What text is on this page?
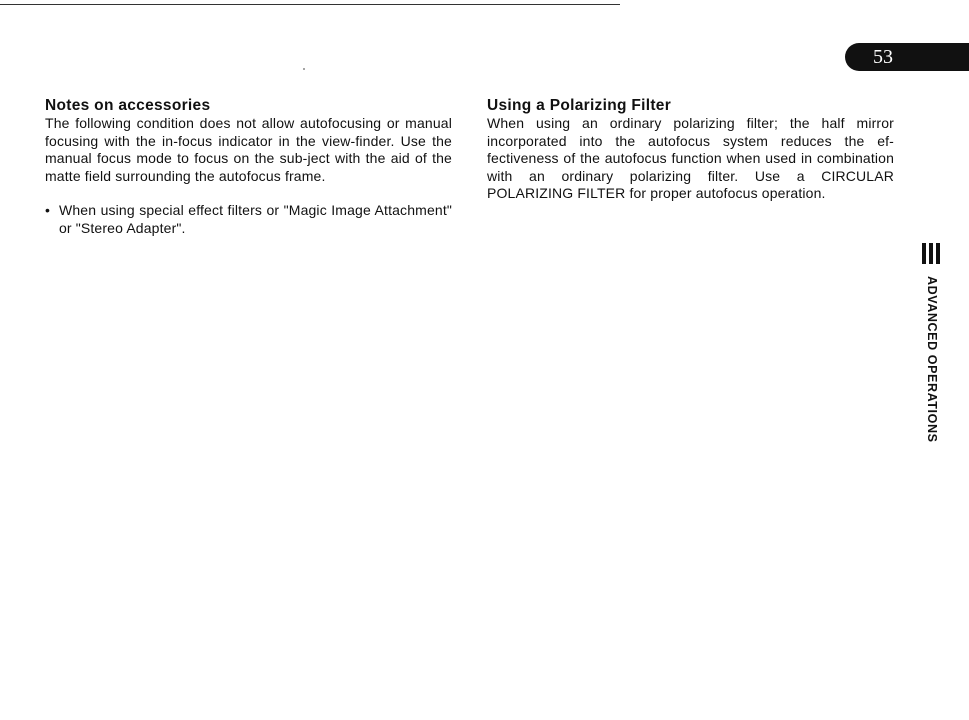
53
Notes on accessories

The following condition does not allow autofocusing or manual focusing with the in-focus indicator in the view-finder. Use the manual focus mode to focus on the sub-ject with the aid of the matte field surrounding the autofocus frame.

• When using special effect filters or "Magic Image Attachment" or "Stereo Adapter".
Using a Polarizing Filter

When using an ordinary polarizing filter; the half mirror incorporated into the autofocus system reduces the ef-fectiveness of the autofocus function when used in combination with an ordinary polarizing filter. Use a CIRCULAR POLARIZING FILTER for proper autofocus operation.

ADVANCED OPERATIONS
